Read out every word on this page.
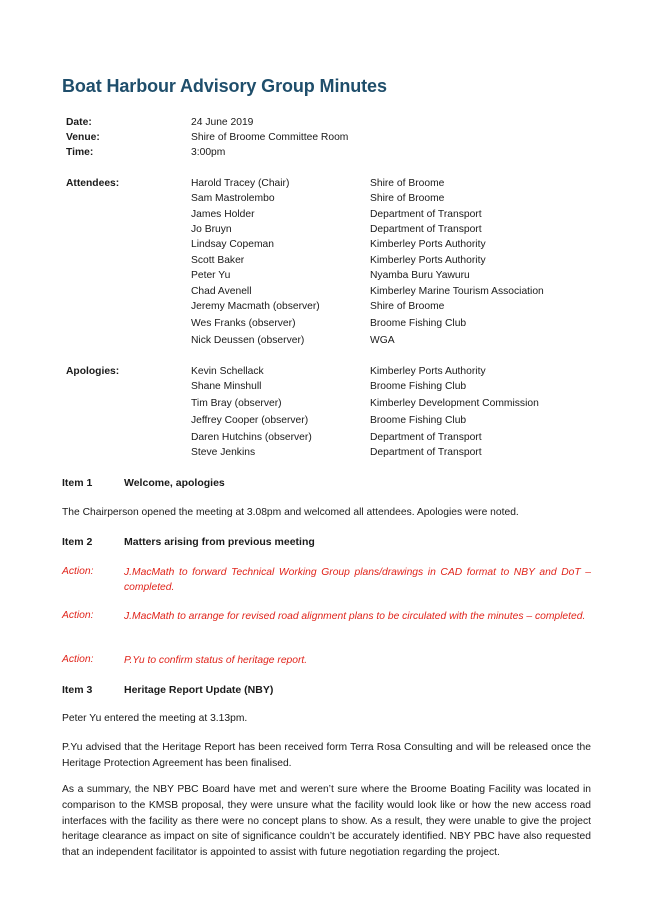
Boat Harbour Advisory Group Minutes
Date:	24 June 2019
Venue:	Shire of Broome Committee Room
Time:	3:00pm
Attendees:	Harold Tracey (Chair)	Shire of Broome
Sam Mastrolembo	Shire of Broome
James Holder	Department of Transport
Jo Bruyn	Department of Transport
Lindsay Copeman	Kimberley Ports Authority
Scott Baker	Kimberley Ports Authority
Peter Yu	Nyamba Buru Yawuru
Chad Avenell	Kimberley Marine Tourism Association
Jeremy Macmath (observer)	Shire of Broome
Wes Franks (observer)	Broome Fishing Club
Nick Deussen (observer)	WGA
Apologies:	Kevin Schellack	Kimberley Ports Authority
Shane Minshull	Broome Fishing Club
Tim Bray (observer)	Kimberley Development Commission
Jeffrey Cooper (observer)	Broome Fishing Club
Daren Hutchins (observer)	Department of Transport
Steve Jenkins	Department of Transport
Item 1	Welcome, apologies
The Chairperson opened the meeting at 3.08pm and welcomed all attendees. Apologies were noted.
Item 2	Matters arising from previous meeting
Action:	J.MacMath to forward Technical Working Group plans/drawings in CAD format to NBY and DoT – completed.
Action:	J.MacMath to arrange for revised road alignment plans to be circulated with the minutes – completed.
Action:	P.Yu to confirm status of heritage report.
Item 3	Heritage Report Update (NBY)
Peter Yu entered the meeting at 3.13pm.
P.Yu advised that the Heritage Report has been received form Terra Rosa Consulting and will be released once the Heritage Protection Agreement has been finalised.
As a summary, the NBY PBC Board have met and weren’t sure where the Broome Boating Facility was located in comparison to the KMSB proposal, they were unsure what the facility would look like or how the new access road interfaces with the facility as there were no concept plans to show. As a result, they were unable to give the project heritage clearance as impact on site of significance couldn’t be accurately identified. NBY PBC have also requested that an independent facilitator is appointed to assist with future negotiation regarding the project.
